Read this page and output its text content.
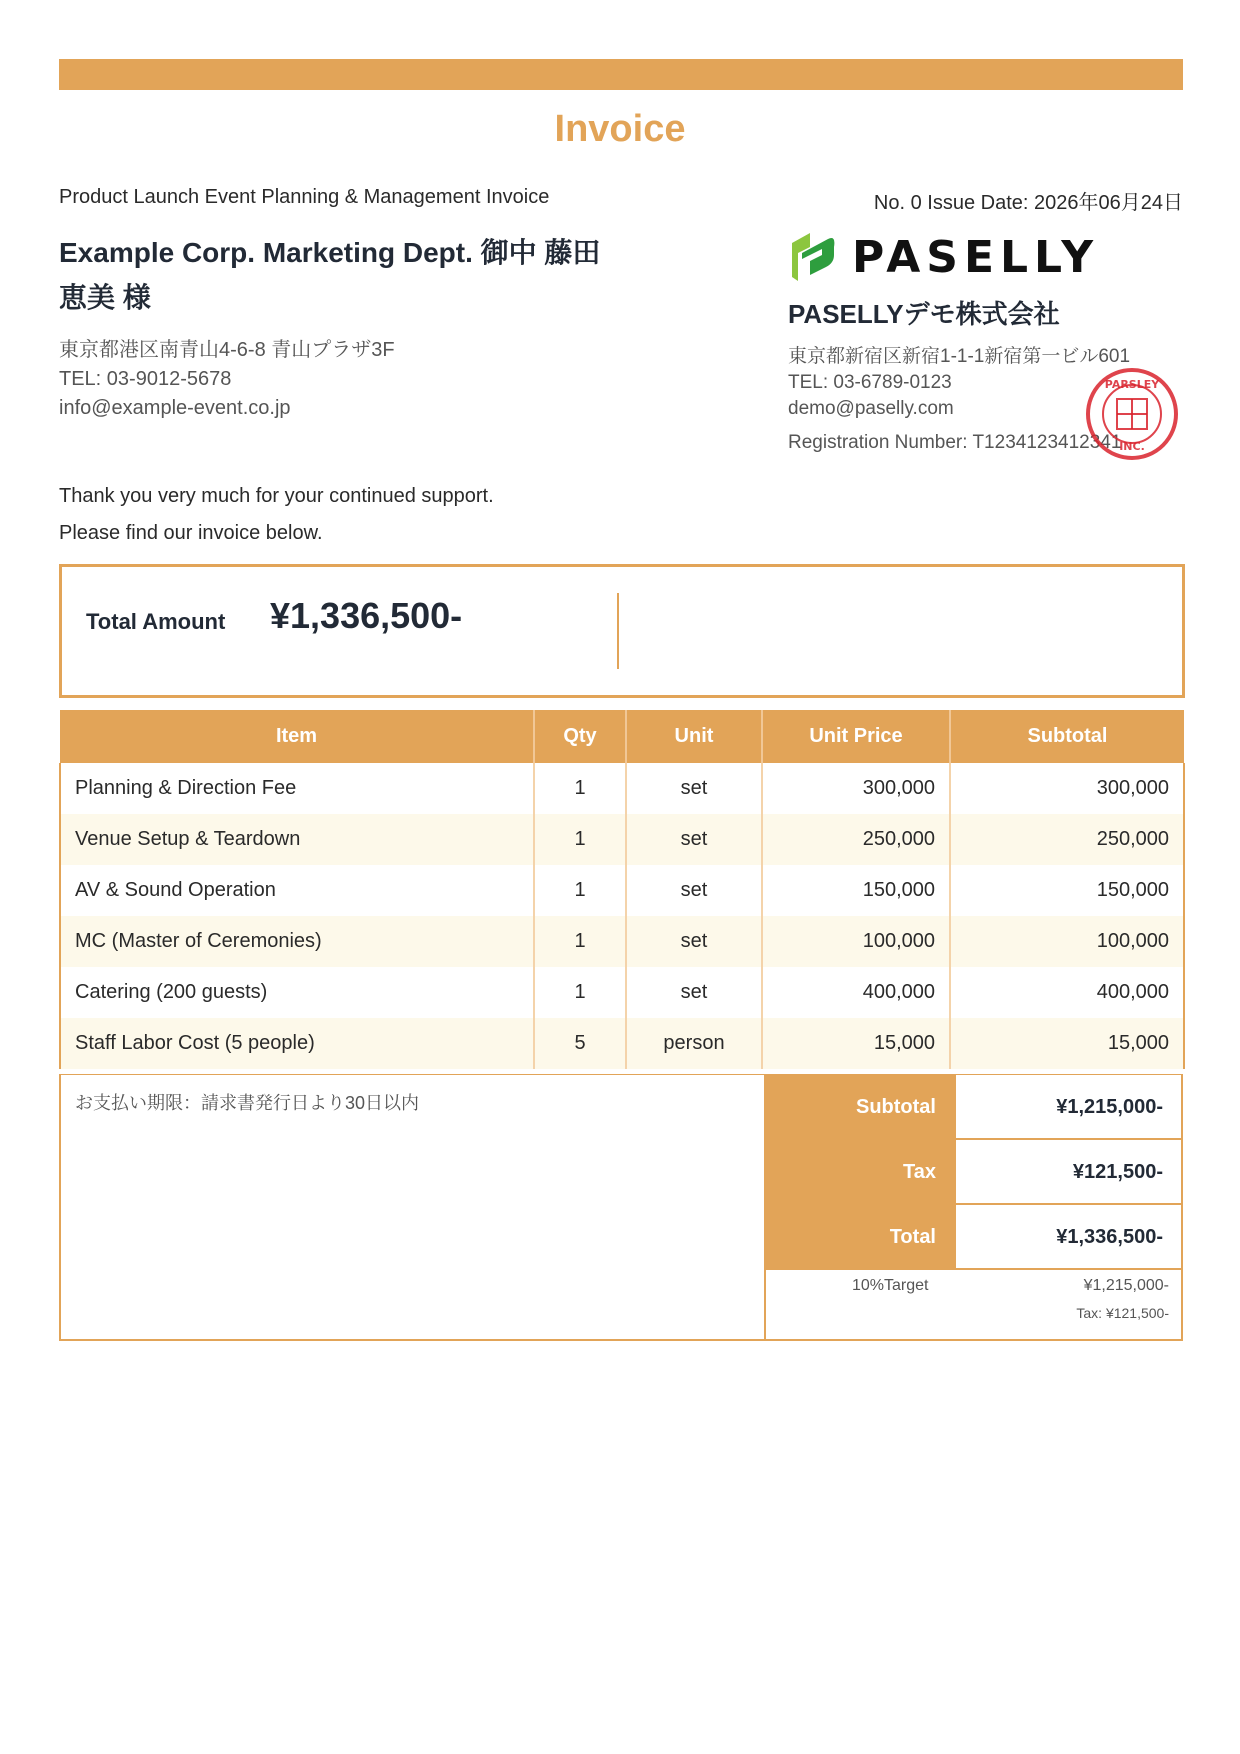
Invoice
Product Launch Event Planning & Management Invoice	No. 0 Issue Date: 2026年06月24日
Example Corp. Marketing Dept. 御中 藤田 恵美 様
東京都港区南青山4-6-8 青山プラザ3F
TEL: 03-9012-5678
info@example-event.co.jp
Thank you very much for your continued support.
Please find our invoice below.
PASELLY
PASELLYデモ株式会社
東京都新宿区新宿1-1-1新宿第一ビル601
TEL: 03-6789-0123
demo@paselly.com
Registration Number: T1234123412341
PARSLEY
INC.
Total Amount ¥1,336,500-
Item	Qty	Unit	Unit Price	Subtotal
Planning & Direction Fee	1	set	300,000	300,000
Venue Setup & Teardown	1	set	250,000	250,000
AV & Sound Operation	1	set	150,000	150,000
MC (Master of Ceremonies)	1	set	100,000	100,000
Catering (200 guests)	1	set	400,000	400,000
Staff Labor Cost (5 people)	5	person	15,000	15,000
お支払い期限：請求書発行日より30日以内	Subtotal	¥1,215,000-
Tax	¥121,500-
Total	¥1,336,500-
10%Target	¥1,215,000-
Tax: ¥121,500-
